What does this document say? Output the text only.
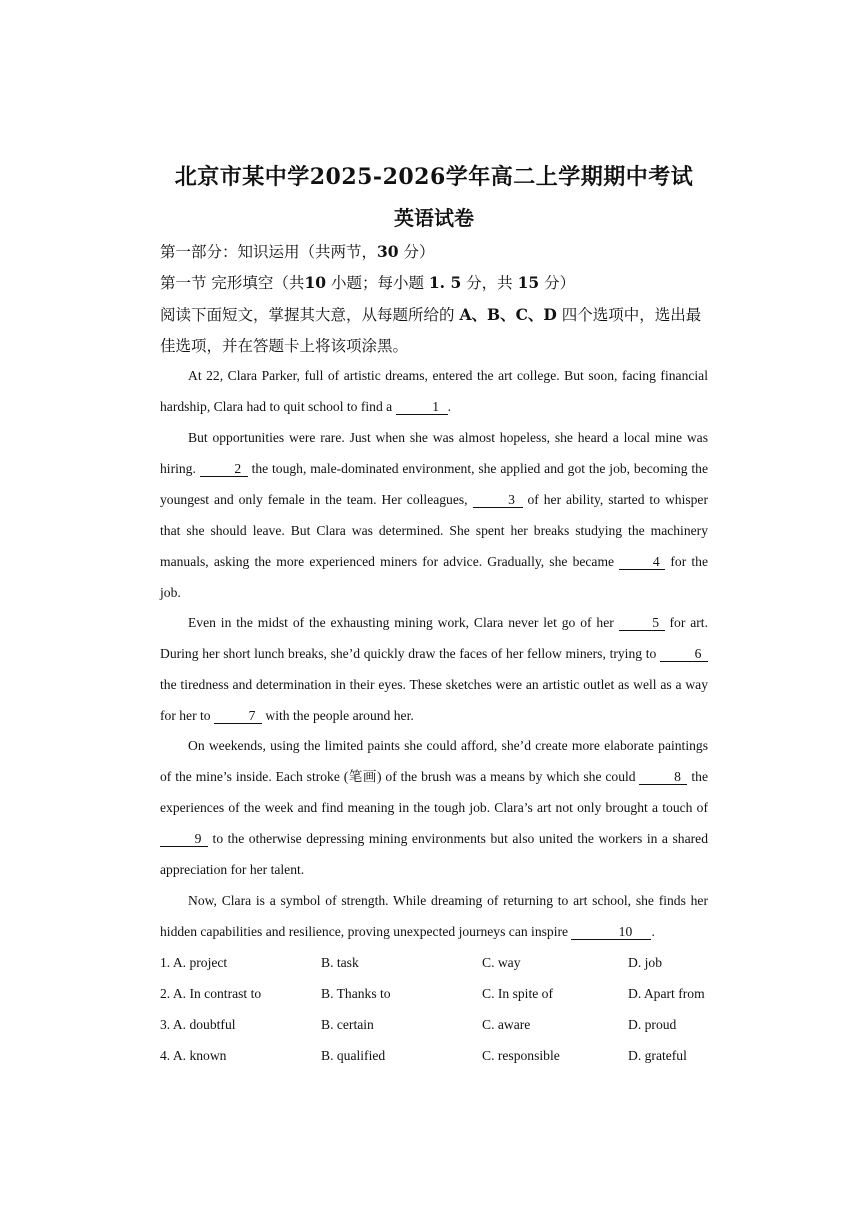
北京市某中学2025-2026学年高二上学期期中考试
英语试卷
第一部分：知识运用（共两节，30 分）
第一节 完形填空（共10 小题；每小题 1. 5 分，共 15 分）
阅读下面短文，掌握其大意，从每题所给的 A、B、C、D 四个选项中，选出最
佳选项，并在答题卡上将该项涂黑。

At 22, Clara Parker, full of artistic dreams, entered the art college. But soon, facing financial hardship, Clara had to quit school to find a	1 .

But opportunities were rare. Just when she was almost hopeless, she heard a local mine was hiring.	2 the tough, male-dominated environment, she applied and got the job, becoming the youngest and only female in the team. Her colleagues,	3 of her ability, started to whisper that she should leave. But Clara was determined. She spent her breaks studying the machinery manuals, asking the more experienced miners for advice. Gradually, she became 4 for the job.

Even in the midst of the exhausting mining work, Clara never let go of her 5 for art. During her short lunch breaks, she’d quickly draw the faces of her fellow miners, trying to	6 the tiredness and determination in their eyes. These sketches were an artistic outlet as well as a way for her to	7 with the people around her.

On weekends, using the limited paints she could afford, she’d create more elaborate paintings of the mine’s inside. Each stroke (笔画) of the brush was a means by which she could	8 the experiences of the week and find meaning in the tough job. Clara’s art not only brought a touch of 9 to the otherwise depressing mining environments but also united the workers in a shared appreciation for her talent.

Now, Clara is a symbol of strength. While dreaming of returning to art school, she finds her hidden capabilities and resilience, proving unexpected journeys can inspire	10 .

1. A. project	B. task	C. way	D. job
2. A. In contrast to	B. Thanks to	C. In spite of	D. Apart from
3. A. doubtful	B. certain	C. aware	D. proud
4. A. known	B. qualified	C. responsible	D. grateful
